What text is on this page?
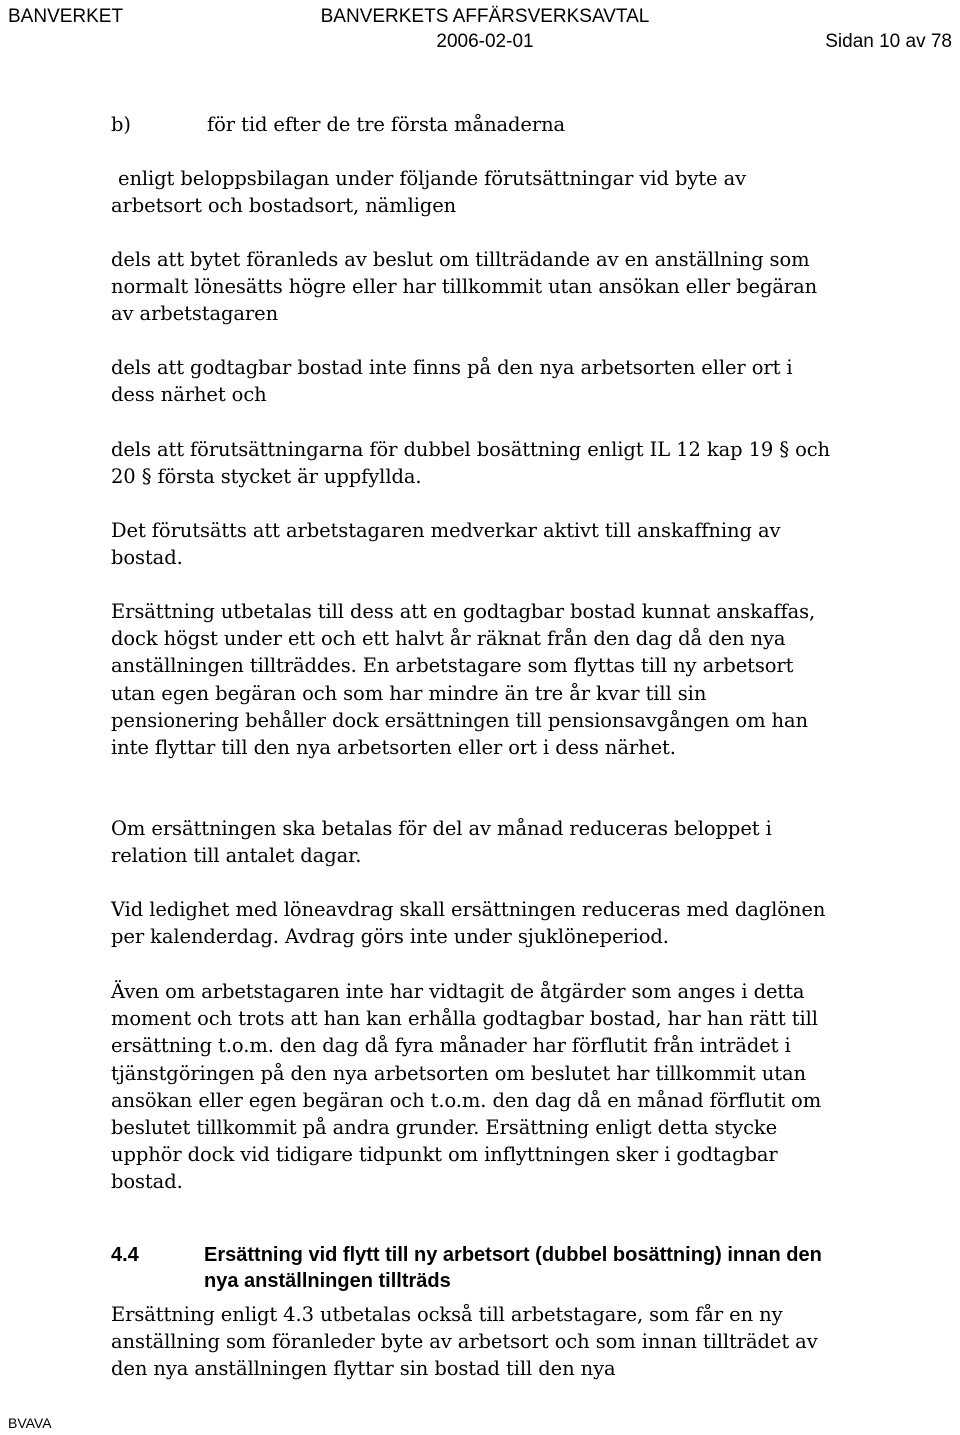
BANVERKET	BANVERKETS AFFÄRSVERKSAVTAL
2006-02-01	Sidan 10 av 78

b)	för tid efter de tre första månaderna

enligt beloppsbilagan under följande förutsättningar vid byte av arbetsort och bostadsort, nämligen

dels att bytet föranleds av beslut om tillträdande av en anställning som normalt lönesätts högre eller har tillkommit utan ansökan eller begäran av arbetstagaren

dels att godtagbar bostad inte finns på den nya arbetsorten eller ort i dess närhet och

dels att förutsättningarna för dubbel bosättning enligt IL 12 kap 19 § och 20 § första stycket är uppfyllda.

Det förutsätts att arbetstagaren medverkar aktivt till anskaffning av bostad.

Ersättning utbetalas till dess att en godtagbar bostad kunnat anskaffas, dock högst under ett och ett halvt år räknat från den dag då den nya anställningen tillträddes. En arbetstagare som flyttas till ny arbetsort utan egen begäran och som har mindre än tre år kvar till sin pensionering behåller dock ersättningen till pensionsavgången om han inte flyttar till den nya arbetsorten eller ort i dess närhet.

Om ersättningen ska betalas för del av månad reduceras beloppet i relation till antalet dagar.

Vid ledighet med löneavdrag skall ersättningen reduceras med daglönen per kalenderdag. Avdrag görs inte under sjuklöneperiod.

Även om arbetstagaren inte har vidtagit de åtgärder som anges i detta moment och trots att han kan erhålla godtagbar bostad, har han rätt till ersättning t.o.m. den dag då fyra månader har förflutit från inträdet i tjänstgöringen på den nya arbetsorten om beslutet har tillkommit utan ansökan eller egen begäran och t.o.m. den dag då en månad förflutit om beslutet tillkommit på andra grunder. Ersättning enligt detta stycke upphör dock vid tidigare tidpunkt om inflyttningen sker i godtagbar bostad.

4.4	Ersättning vid flytt till ny arbetsort (dubbel bosättning) innan den nya anställningen tillträds

Ersättning enligt 4.3 utbetalas också till arbetstagare, som får en ny anställning som föranleder byte av arbetsort och som innan tillträdet av den nya anställningen flyttar sin bostad till den nya

BVAVA
